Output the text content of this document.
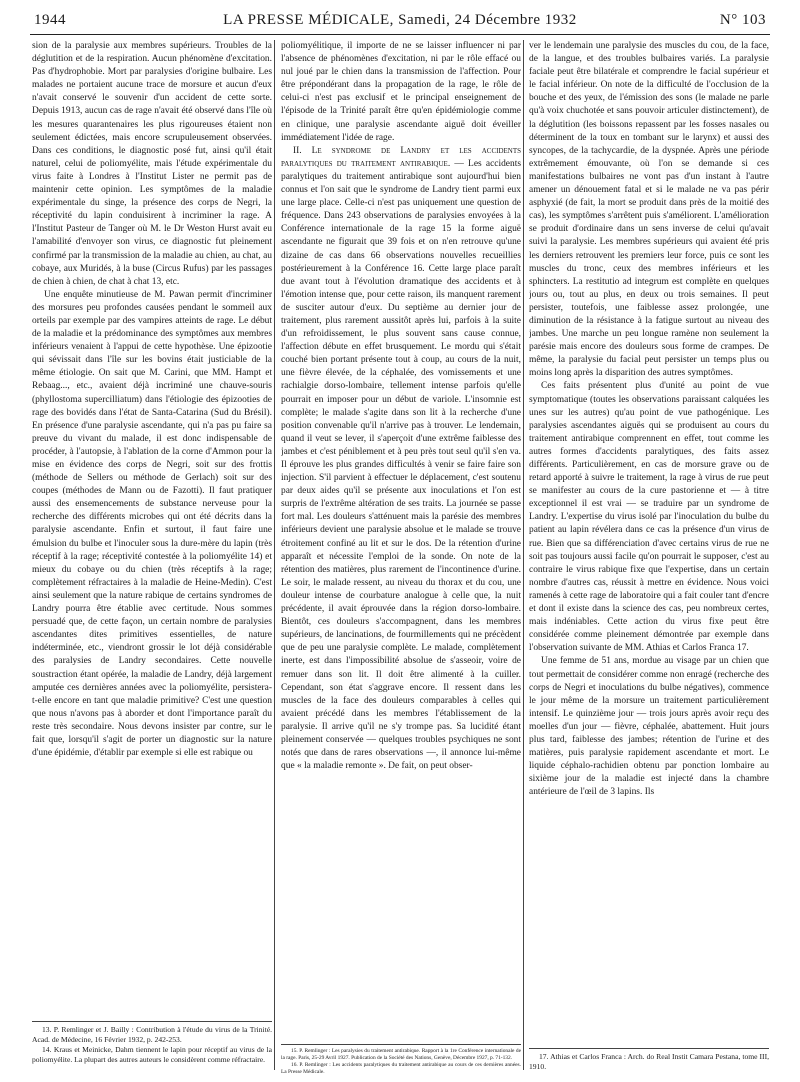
1944	LA PRESSE MÉDICALE, Samedi, 24 Décembre 1932	N° 103

sion de la paralysie aux membres supérieurs. Troubles de la déglutition et de la respiration. Aucun phénomène d'excitation. Pas d'hydrophobie. Mort par paralysies d'origine bulbaire. Les malades ne portaient aucune trace de morsure et aucun d'eux n'avait conservé le souvenir d'un accident de cette sorte. Depuis 1913, aucun cas de rage n'avait été observé dans l'île où les mesures quarantenaires les plus rigoureuses étaient non seulement édictées, mais encore scrupuleusement observées. Dans ces conditions, le diagnostic posé fut, ainsi qu'il était naturel, celui de poliomyélite, mais l'étude expérimentale du virus faite à Londres à l'Institut Lister ne permit pas de maintenir cette opinion. Les symptômes de la maladie expérimentale du singe, la présence des corps de Negri, la réceptivité du lapin conduisirent à incriminer la rage. A l'Institut Pasteur de Tanger où M. le Dr Weston Hurst avait eu l'amabilité d'envoyer son virus, ce diagnostic fut pleinement confirmé par la transmission de la maladie au chien, au chat, au cobaye, aux Muridés, à la buse (Circus Rufus) par les passages de chien à chien, de chat à chat 13, etc.

Une enquête minutieuse de M. Pawan permit d'incriminer des morsures peu profondes causées pendant le sommeil aux orteils par exemple par des vampires atteints de rage. Le début de la maladie et la prédominance des symptômes aux membres inférieurs venaient à l'appui de cette hypothèse. Une épizootie qui sévissait dans l'île sur les bovins était justiciable de la même étiologie. On sait que M. Carini, que MM. Hampt et Rebaag..., etc., avaient déjà incriminé une chauve-souris (phyllostoma supercilliatum) dans l'étiologie des épizooties de rage des bovidés dans l'état de Santa-Catarina (Sud du Brésil). En présence d'une paralysie ascendante, qui n'a pas pu faire sa preuve du vivant du malade, il est donc indispensable de procéder, à l'autopsie, à l'ablation de la corne d'Ammon pour la mise en évidence des corps de Negri, soit sur des frottis (méthode de Sellers ou méthode de Gerlach) soit sur des coupes (méthodes de Mann ou de Fazotti). Il faut pratiquer aussi des ensemencements de substance nerveuse pour la recherche des différents microbes qui ont été décrits dans la paralysie ascendante. Enfin et surtout, il faut faire une émulsion du bulbe et l'inoculer sous la dure-mère du lapin (très réceptif à la rage; réceptivité contestée à la poliomyélite 14) et mieux du cobaye ou du chien (très réceptifs à la rage; complètement réfractaires à la maladie de Heine-Medin). C'est ainsi seulement que la nature rabique de certains syndromes de Landry pourra être établie avec certitude. Nous sommes persuadé que, de cette façon, un certain nombre de paralysies ascendantes dites primitives essentielles, de nature indéterminée, etc., viendront grossir le lot déjà considérable des paralysies de Landry secondaires. Cette nouvelle soustraction étant opérée, la maladie de Landry, déjà largement amputée ces dernières années avec la poliomyélite, persistera-t-elle encore en tant que maladie primitive? C'est une question que nous n'avons pas à aborder et dont l'importance paraît du reste très secondaire. Nous devons insister par contre, sur le fait que, lorsqu'il s'agit de porter un diagnostic sur la nature d'une épidémie, d'établir par exemple si elle est rabique ou

13. P. Remlinger et J. Bailly : Contribution à l'étude du virus de la Trinité. Acad. de Médecine, 16 Février 1932, p. 242-253.

14. Kraus et Meinicke, Dahm tiennent le lapin pour réceptif au virus de la poliomyélite. La plupart des autres auteurs le considèrent comme réfractaire.

poliomyélitique, il importe de ne se laisser influencer ni par l'absence de phénomènes d'excitation, ni par le rôle effacé ou nul joué par le chien dans la transmission de l'affection. Pour être prépondérant dans la propagation de la rage, le rôle de celui-ci n'est pas exclusif et le principal enseignement de l'épisode de la Trinité paraît être qu'en épidémiologie comme en clinique, une paralysie ascendante aiguë doit éveiller immédiatement l'idée de rage.

II. Le syndrome de Landry et les accidents paralytiques du traitement antirabique. — Les accidents paralytiques du traitement antirabique sont aujourd'hui bien connus et l'on sait que le syndrome de Landry tient parmi eux une large place. Celle-ci n'est pas uniquement une question de fréquence. Dans 243 observations de paralysies envoyées à la Conférence internationale de la rage 15 la forme aiguë ascendante ne figurait que 39 fois et on n'en retrouve qu'une dizaine de cas dans 66 observations nouvelles recueillies postérieurement à la Conférence 16. Cette large place paraît due avant tout à l'évolution dramatique des accidents et à l'émotion intense que, pour cette raison, ils manquent rarement de susciter autour d'eux. Du septième au dernier jour de traitement, plus rarement aussitôt après lui, parfois à la suite d'un refroidissement, le plus souvent sans cause connue, l'affection débute en effet brusquement. Le mordu qui s'était couché bien portant présente tout à coup, au cours de la nuit, une fièvre élevée, de la céphalée, des vomissements et une rachialgie dorso-lombaire, tellement intense parfois qu'elle pourrait en imposer pour un début de variole. L'insomnie est complète; le malade s'agite dans son lit à la recherche d'une position convenable qu'il n'arrive pas à trouver. Le lendemain, quand il veut se lever, il s'aperçoit d'une extrême faiblesse des jambes et c'est péniblement et à peu près tout seul qu'il s'en va. Il éprouve les plus grandes difficultés à venir se faire faire son injection. S'il parvient à effectuer le déplacement, c'est soutenu par deux aides qu'il se présente aux inoculations et l'on est surpris de l'extrême altération de ses traits. La journée se passe fort mal. Les douleurs s'atténuent mais la parésie des membres inférieurs devient une paralysie absolue et le malade se trouve étroitement confiné au lit et sur le dos. De la rétention d'urine apparaît et nécessite l'emploi de la sonde. On note de la rétention des matières, plus rarement de l'incontinence d'urine. Le soir, le malade ressent, au niveau du thorax et du cou, une douleur intense de courbature analogue à celle que, la nuit précédente, il avait éprouvée dans la région dorso-lombaire. Bientôt, ces douleurs s'accompagnent, dans les membres supérieurs, de lancinations, de fourmillements qui ne précèdent que de peu une paralysie complète. Le malade, complètement inerte, est dans l'impossibilité absolue de s'asseoir, voire de remuer dans son lit. Il doit être alimenté à la cuiller. Cependant, son état s'aggrave encore. Il ressent dans les muscles de la face des douleurs comparables à celles qui avaient précédé dans les membres l'établissement de la paralysie. Il arrive qu'il ne s'y trompe pas. Sa lucidité étant pleinement conservée — quelques troubles psychiques ne sont notés que dans de rares observations —, il annonce lui-même que « la maladie remonte ». De fait, on peut obser-

15. P. Remlinger : Les paralysies du traitement antirabique. Rapport à la 1re Conférence internationale de la rage. Paris, 25-29 Avril 1927. Publication de la Société des Nations, Genève, Décembre 1927, p. 71-132.

16. P. Remlinger : Les accidents paralytiques du traitement antirabique au cours de ces dernières années. La Presse Médicale.

ver le lendemain une paralysie des muscles du cou, de la face, de la langue, et des troubles bulbaires variés. La paralysie faciale peut être bilatérale et comprendre le facial supérieur et le facial inférieur. On note de la difficulté de l'occlusion de la bouche et des yeux, de l'émission des sons (le malade ne parle qu'à voix chuchotée et sans pouvoir articuler distinctement), de la déglutition (les boissons repassent par les fosses nasales ou déterminent de la toux en tombant sur le larynx) et aussi des syncopes, de la tachycardie, de la dyspnée. Après une période extrêmement émouvante, où l'on se demande si ces manifestations bulbaires ne vont pas d'un instant à l'autre amener un dénouement fatal et si le malade ne va pas périr asphyxié (de fait, la mort se produit dans près de la moitié des cas), les symptômes s'arrêtent puis s'améliorent. L'amélioration se produit d'ordinaire dans un sens inverse de celui qu'avait suivi la paralysie. Les membres supérieurs qui avaient été pris les derniers retrouvent les premiers leur force, puis ce sont les muscles du tronc, ceux des membres inférieurs et les sphincters. La restitutio ad integrum est complète en quelques jours ou, tout au plus, en deux ou trois semaines. Il peut persister, toutefois, une faiblesse assez prolongée, une diminution de la résistance à la fatigue surtout au niveau des jambes. Une marche un peu longue ramène non seulement la parésie mais encore des douleurs sous forme de crampes. De même, la paralysie du facial peut persister un temps plus ou moins long après la disparition des autres symptômes.

Ces faits présentent plus d'unité au point de vue symptomatique (toutes les observations paraissant calquées les unes sur les autres) qu'au point de vue pathogénique. Les paralysies ascendantes aiguës qui se produisent au cours du traitement antirabique comprennent en effet, tout comme les autres formes d'accidents paralytiques, des faits assez différents. Particulièrement, en cas de morsure grave ou de retard apporté à suivre le traitement, la rage à virus de rue peut se manifester au cours de la cure pastorienne et — à titre exceptionnel il est vrai — se traduire par un syndrome de Landry. L'expertise du virus isolé par l'inoculation du bulbe du patient au lapin révélera dans ce cas la présence d'un virus de rue. Bien que sa différenciation d'avec certains virus de rue ne soit pas toujours aussi facile qu'on pourrait le supposer, c'est au contraire le virus rabique fixe que l'expertise, dans un certain nombre d'autres cas, réussit à mettre en évidence. Nous voici ramenés à cette rage de laboratoire qui a fait couler tant d'encre et dont il existe dans la science des cas, peu nombreux certes, mais indéniables. Cette action du virus fixe peut être considérée comme pleinement démontrée par exemple dans l'observation suivante de MM. Athias et Carlos Franca 17.

Une femme de 51 ans, mordue au visage par un chien que tout permettait de considérer comme non enragé (recherche des corps de Negri et inoculations du bulbe négatives), commence le jour même de la morsure un traitement particulièrement intensif. Le quinzième jour — trois jours après avoir reçu des moelles d'un jour — fièvre, céphalée, abattement. Huit jours plus tard, faiblesse des jambes; rétention de l'urine et des matières, puis paralysie rapidement ascendante et mort. Le liquide céphalo-rachidien obtenu par ponction lombaire au sixième jour de la maladie est injecté dans la chambre antérieure de l'œil de 3 lapins. Ils

17. Athias et Carlos Franca : Arch. do Real Instit Camara Pestana, tome III, 1910.
